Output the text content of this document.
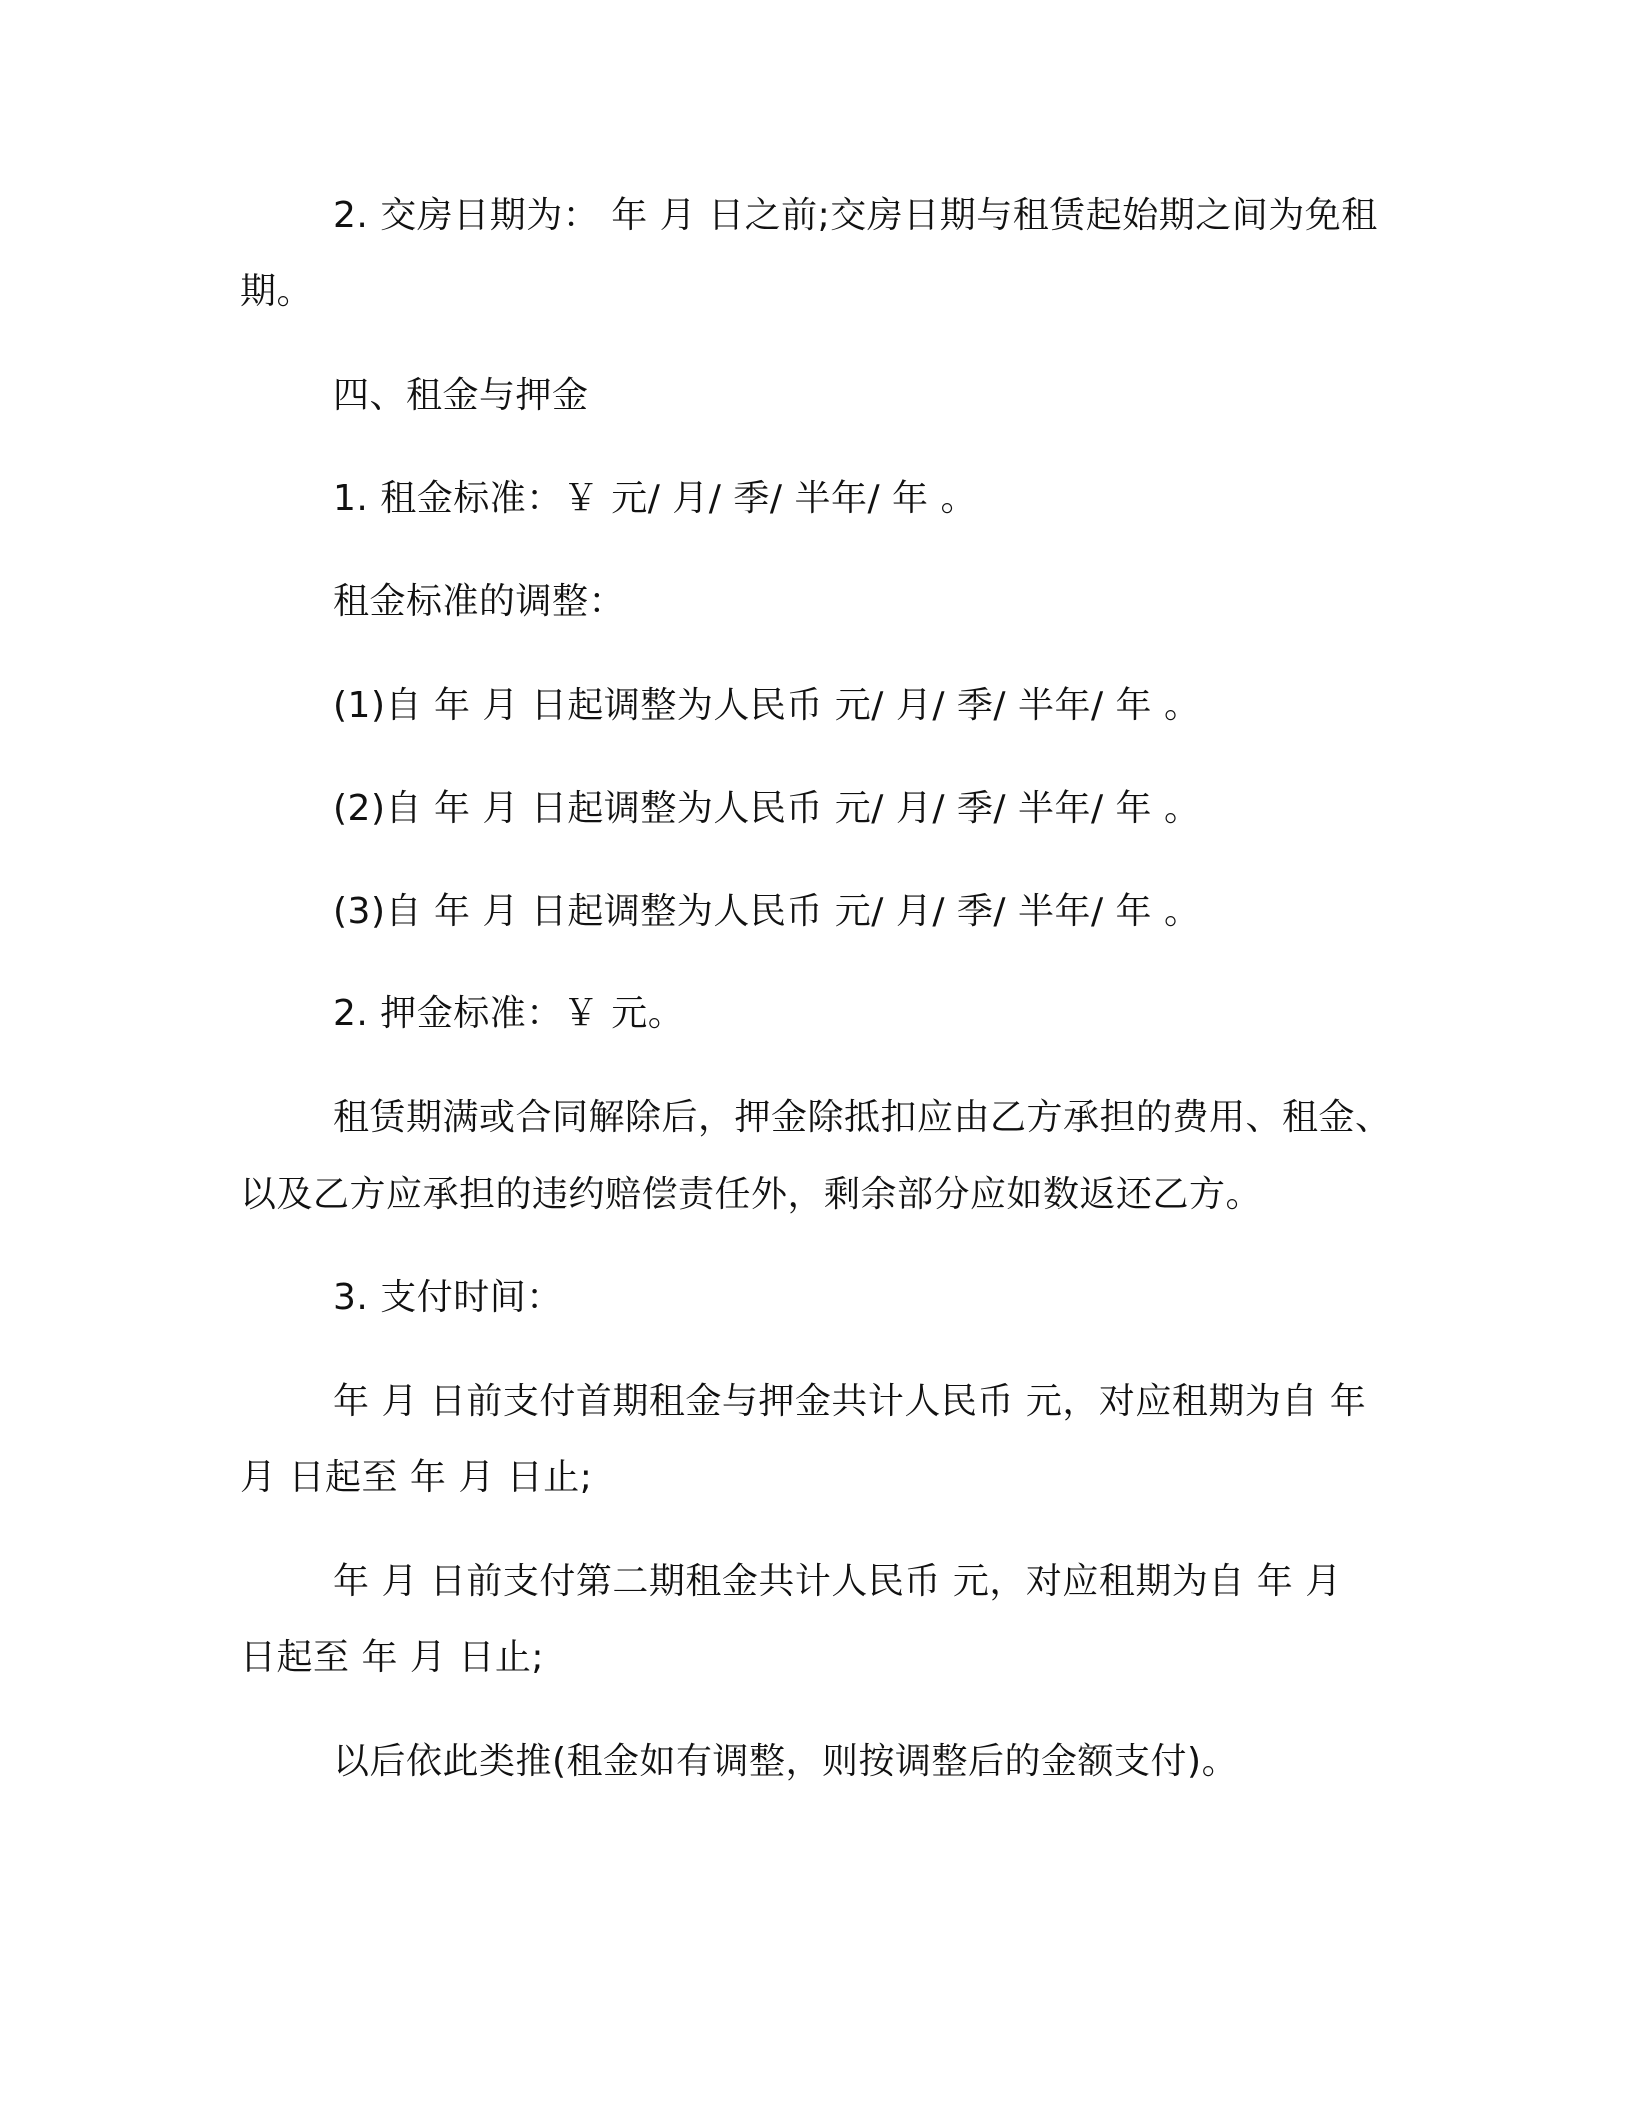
2. 交房日期为： 年 月 日之前;交房日期与租赁起始期之间为免租

期。

四、租金与押金

1. 租金标准：￥ 元/ 月/ 季/ 半年/ 年 。

租金标准的调整：

(1)自 年 月 日起调整为人民币 元/ 月/ 季/ 半年/ 年 。

(2)自 年 月 日起调整为人民币 元/ 月/ 季/ 半年/ 年 。

(3)自 年 月 日起调整为人民币 元/ 月/ 季/ 半年/ 年 。

2. 押金标准：￥ 元。

租赁期满或合同解除后，押金除抵扣应由乙方承担的费用、租金、

以及乙方应承担的违约赔偿责任外，剩余部分应如数返还乙方。

3. 支付时间：

年 月 日前支付首期租金与押金共计人民币 元，对应租期为自 年

月 日起至 年 月 日止;

年 月 日前支付第二期租金共计人民币 元，对应租期为自 年 月

日起至 年 月 日止;

以后依此类推(租金如有调整，则按调整后的金额支付)。
